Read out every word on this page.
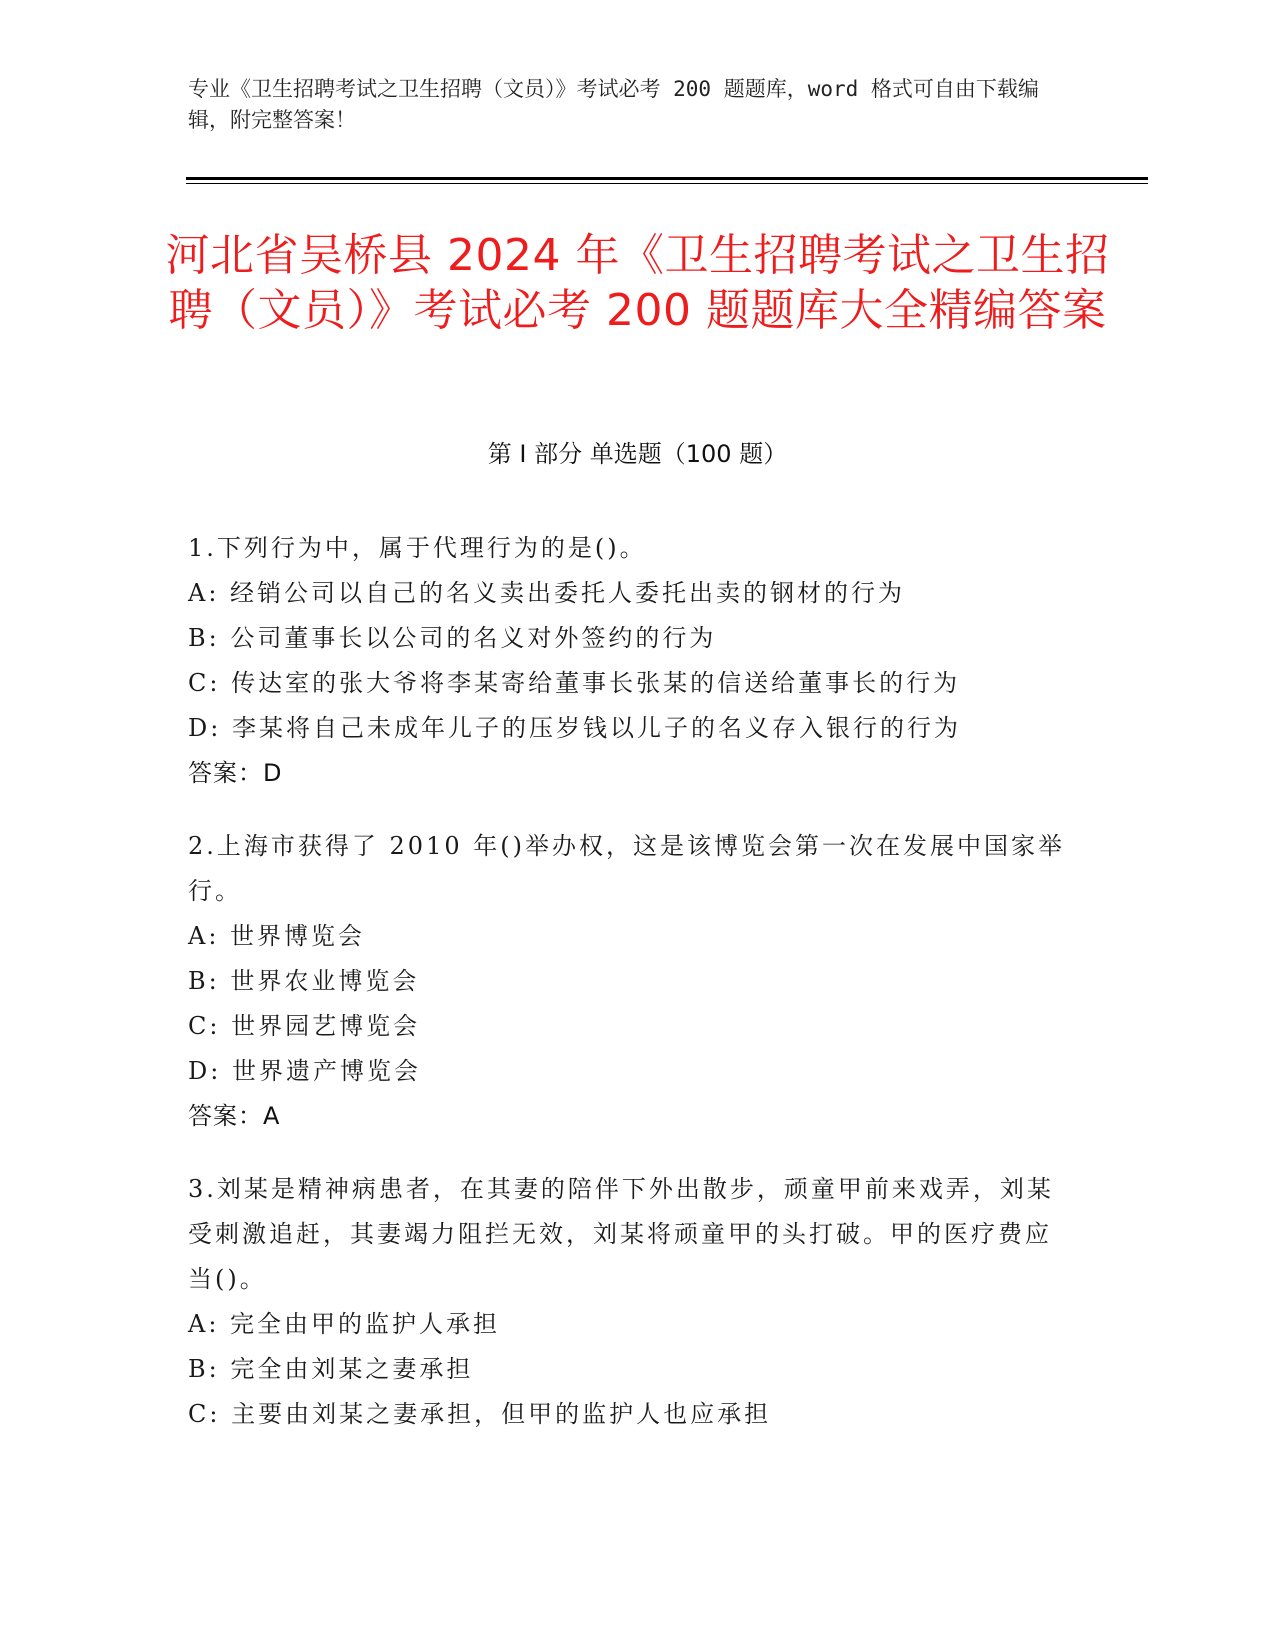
专业《卫生招聘考试之卫生招聘（文员）》考试必考 200 题题库，word 格式可自由下载编辑，附完整答案！
河北省吴桥县 2024 年《卫生招聘考试之卫生招聘（文员）》考试必考 200 题题库大全精编答案
第 I 部分 单选题（100 题）
1.下列行为中，属于代理行为的是()。
A: 经销公司以自己的名义卖出委托人委托出卖的钢材的行为
B: 公司董事长以公司的名义对外签约的行为
C: 传达室的张大爷将李某寄给董事长张某的信送给董事长的行为
D: 李某将自己未成年儿子的压岁钱以儿子的名义存入银行的行为
答案：D
2.上海市获得了 2010 年()举办权，这是该博览会第一次在发展中国家举行。
A: 世界博览会
B: 世界农业博览会
C: 世界园艺博览会
D: 世界遗产博览会
答案：A
3.刘某是精神病患者，在其妻的陪伴下外出散步，顽童甲前来戏弄，刘某受刺激追赶，其妻竭力阻拦无效，刘某将顽童甲的头打破。甲的医疗费应当()。
A: 完全由甲的监护人承担
B: 完全由刘某之妻承担
C: 主要由刘某之妻承担，但甲的监护人也应承担
